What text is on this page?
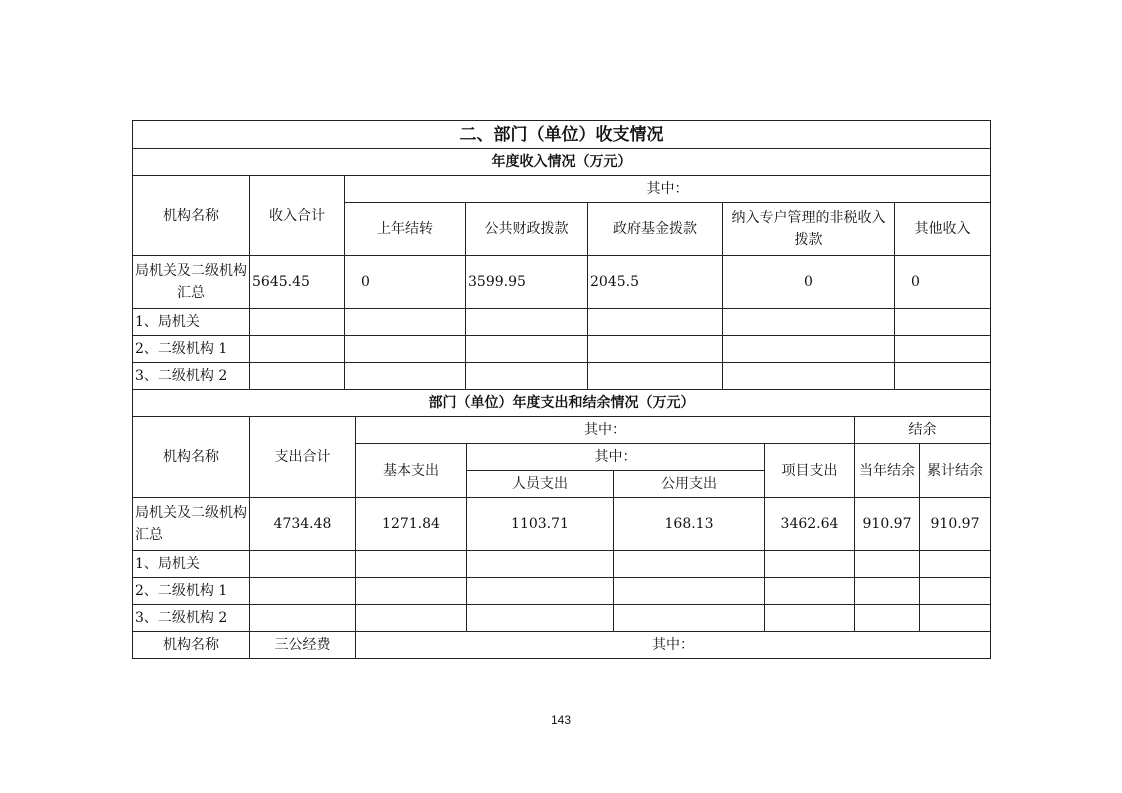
二、部门（单位）收支情况						
年度收入情况（万元）						
机构名称	收入合计	其中：				
		上年结转	公共财政拨款	政府基金拨款	纳入专户管理的非税收入拨款	其他收入
局机关及二级机构汇总	5645.45	0	3599.95	2045.5	0	0
1、局机关						
2、二级机构 1						
3、二级机构 2						
部门（单位）年度支出和结余情况（万元）							
机构名称	支出合计	其中：				结余	
		基本支出	其中：		项目支出	当年结余	累计结余
			人员支出	公用支出			
局机关及二级机构汇总	4734.48	1271.84	1103.71	168.13	3462.64	910.97	910.97
1、局机关							
2、二级机构 1							
3、二级机构 2							
机构名称	三公经费	其中：					
143
